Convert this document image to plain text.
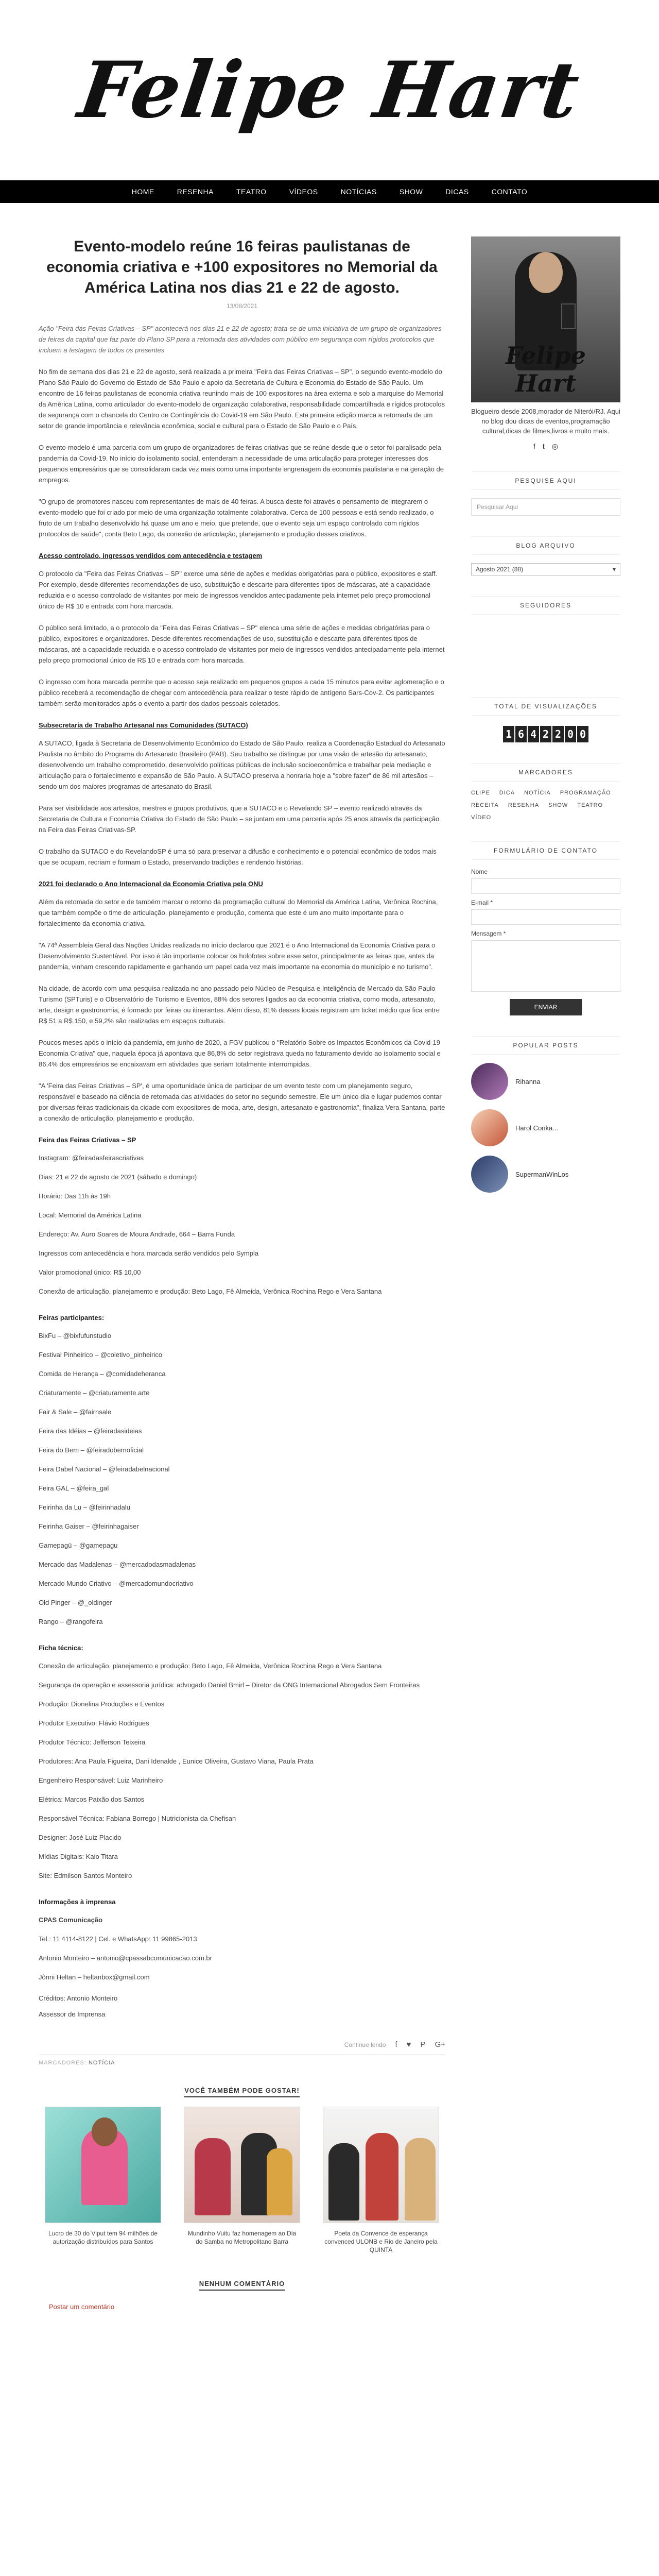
Felipe Hart
HOME	RESENHA	TEATRO	VÍDEOS	NOTÍCIAS	SHOW	DICAS	CONTATO
Evento-modelo reúne 16 feiras paulistanas de economia criativa e +100 expositores no Memorial da América Latina nos dias 21 e 22 de agosto.
13/08/2021

Ação "Feira das Feiras Criativas – SP" acontecerá nos dias 21 e 22 de agosto; trata-se de uma iniciativa de um grupo de organizadores de feiras da capital que faz parte do Plano SP para a retomada das atividades com público em segurança com rígidos protocolos que incluem a testagem de todos os presentes

No fim de semana dos dias 21 e 22 de agosto, será realizada a primeira "Feira das Feiras Criativas – SP", o segundo evento-modelo do Plano São Paulo do Governo do Estado de São Paulo e apoio da Secretaria de Cultura e Economia do Estado de São Paulo. Um encontro de 16 feiras paulistanas de economia criativa reunindo mais de 100 expositores na área externa e sob a marquise do Memorial da América Latina, como articulador do evento-modelo de organização colaborativa, responsabilidade compartilhada e rígidos protocolos de segurança com o chancela do Centro de Contingência do Covid-19 em São Paulo. Esta primeira edição marca a retomada de um setor de grande importância e relevância econômica, social e cultural para o Estado de São Paulo e o País.

O evento-modelo é uma parceria com um grupo de organizadores de feiras criativas que se reúne desde que o setor foi paralisado pela pandemia da Covid-19. No início do isolamento social, entenderam a necessidade de uma articulação para proteger interesses dos pequenos empresários que se consolidaram cada vez mais como uma importante engrenagem da economia paulistana e na geração de empregos.

"O grupo de promotores nasceu com representantes de mais de 40 feiras. A busca deste foi através o pensamento de integrarem o evento-modelo que foi criado por meio de uma organização totalmente colaborativa. Cerca de 100 pessoas e está sendo realizado, o fruto de um trabalho desenvolvido há quase um ano e meio, que pretende, que o evento seja um espaço controlado com rígidos protocolos de saúde", conta Beto Lago, da conexão de articulação, planejamento e produção desses criativos.

Acesso controlado, ingressos vendidos com antecedência e testagem

O protocolo da "Feira das Feiras Criativas – SP" exerce uma série de ações e medidas obrigatórias para o público, expositores e staff. Por exemplo, desde diferentes recomendações de uso, substituição e descarte para diferentes tipos de máscaras, até a capacidade reduzida e o acesso controlado de visitantes por meio de ingressos vendidos antecipadamente pela internet pelo preço promocional único de R$ 10 e entrada com hora marcada.

O público será limitado, a o protocolo da "Feira das Feiras Criativas – SP" elenca uma série de ações e medidas obrigatórias para o público, expositores e organizadores. Desde diferentes recomendações de uso, substituição e descarte para diferentes tipos de máscaras, até a capacidade reduzida e o acesso controlado de visitantes por meio de ingressos vendidos antecipadamente pela internet pelo preço promocional único de R$ 10 e entrada com hora marcada.

O ingresso com hora marcada permite que o acesso seja realizado em pequenos grupos a cada 15 minutos para evitar aglomeração e o público receberá a recomendação de chegar com antecedência para realizar o teste rápido de antígeno Sars-Cov-2. Os participantes também serão monitorados após o evento a partir dos dados pessoais coletados.

Subsecretaria de Trabalho Artesanal nas Comunidades (SUTACO)

A SUTACO, ligada à Secretaria de Desenvolvimento Econômico do Estado de São Paulo, realiza a Coordenação Estadual do Artesanato Paulista no âmbito do Programa do Artesanato Brasileiro (PAB). Seu trabalho se distingue por uma visão de artesão do artesanato, desenvolvendo um trabalho comprometido, desenvolvido políticas públicas de inclusão socioeconômica e trabalhar pela mediação e articulação para o fortalecimento e expansão de São Paulo. A SUTACO preserva a honraria hoje a "sobre fazer" de 86 mil artesãos – sendo um dos maiores programas de artesanato do Brasil.

Para ser visibilidade aos artesãos, mestres e grupos produtivos, que a SUTACO e o Revelando SP – evento realizado através da Secretaria de Cultura e Economia Criativa do Estado de São Paulo – se juntam em uma parceria após 25 anos através da participação na Feira das Feiras Criativas-SP.

O trabalho da SUTACO e do RevelandoSP é uma só para preservar a difusão e conhecimento e o potencial econômico de todos mais que se ocupam, recriam e formam o Estado, preservando tradições e rendendo histórias.

2021 foi declarado o Ano Internacional da Economia Criativa pela ONU

Além da retomada do setor e de também marcar o retorno da programação cultural do Memorial da América Latina, Verônica Rochina, que também compõe o time de articulação, planejamento e produção, comenta que este é um ano muito importante para o fortalecimento da economia criativa.

"A 74ª Assembleia Geral das Nações Unidas realizada no início declarou que 2021 é o Ano Internacional da Economia Criativa para o Desenvolvimento Sustentável. Por isso é tão importante colocar os holofotes sobre esse setor, principalmente as feiras que, antes da pandemia, vinham crescendo rapidamente e ganhando um papel cada vez mais importante na economia do município e no turismo".

Na cidade, de acordo com uma pesquisa realizada no ano passado pelo Núcleo de Pesquisa e Inteligência de Mercado da São Paulo Turismo (SPTuris) e o Observatório de Turismo e Eventos, 88% dos setores ligados ao da economia criativa, como moda, artesanato, arte, design e gastronomia, é formado por feiras ou itinerantes. Além disso, 81% desses locais registram um ticket médio que fica entre R$ 51 a R$ 150, e 59,2% são realizadas em espaços culturais.

Poucos meses após o início da pandemia, em junho de 2020, a FGV publicou o "Relatório Sobre os Impactos Econômicos da Covid-19 Economia Criativa" que, naquela época já apontava que 86,8% do setor registrava queda no faturamento devido ao isolamento social e 86,4% dos empresários se encaixavam em atividades que seriam totalmente interrompidas.

"A 'Feira das Feiras Criativas – SP', é uma oportunidade única de participar de um evento teste com um planejamento seguro, responsável e baseado na ciência de retomada das atividades do setor no segundo semestre. Ele um único dia e lugar pudemos contar por diversas feiras tradicionais da cidade com expositores de moda, arte, design, artesanato e gastronomia", finaliza Vera Santana, parte a conexão de articulação, planejamento e produção.

Feira das Feiras Criativas – SP

Instagram: @feiradasfeirascriativas

Dias: 21 e 22 de agosto de 2021 (sábado e domingo)

Horário: Das 11h às 19h

Local: Memorial da América Latina

Endereço: Av. Auro Soares de Moura Andrade, 664 – Barra Funda

Ingressos com antecedência e hora marcada serão vendidos pelo Sympla

Valor promocional único: R$ 10,00

Conexão de articulação, planejamento e produção: Beto Lago, Fê Almeida, Verônica Rochina Rego e Vera Santana

Feiras participantes:

BixFu – @bixfufunstudio

Festival Pinheirico – @coletivo_pinheirico

Comida de Herança – @comidadeheranca

Criaturamente – @criaturamente.arte

Fair & Sale – @fairnsale

Feira das Idéias – @feiradasideias

Feira do Bem – @feiradobemoficial

Feira Dabel Nacional – @feiradabelnacional

Feira GAL – @feira_gal

Feirinha da Lu – @feirinhadalu

Feirinha Gaiser – @feirinhagaiser

Gamepagü – @gamepagu

Mercado das Madalenas – @mercadodasmadalenas

Mercado Mundo Criativo – @mercadomundocriativo

Old Pinger – @_oldinger

Rango – @rangofeira

Ficha técnica:

Conexão de articulação, planejamento e produção: Beto Lago, Fê Almeida, Verônica Rochina Rego e Vera Santana

Segurança da operação e assessoria jurídica: advogado Daniel Bmirl – Diretor da ONG Internacional Abrogados Sem Fronteiras

Produção: Dionelina Produções e Eventos

Produtor Executivo: Flávio Rodrigues

Produtor Técnico: Jefferson Teixeira

Produtores: Ana Paula Figueira, Dani Idenalde , Eunice Oliveira, Gustavo Viana, Paula Prata

Engenheiro Responsável: Luiz Marinheiro

Elétrica: Marcos Paixão dos Santos

Responsável Técnica: Fabiana Borrego | Nutricionista da Chefisan

Designer: José Luiz Placido

Mídias Digitais: Kaio Titara

Site: Edmilson Santos Monteiro

Informações à imprensa

CPAS Comunicação

Tel.: 11 4114-8122 | Cel. e WhatsApp: 11 99865-2013

Antonio Monteiro – antonio@cpassabcomunicacao.com.br

Jônni Heltan – heltanbox@gmail.com

Créditos: Antonio Monteiro

Assessor de Imprensa

Continue lendo f ♥ P G+
MARCADORES: NOTÍCIA
VOCÊ TAMBÉM PODE GOSTAR!
Lucro de 30 do Viput tem 94 milhões de autorização distribuídos para Santos
Mundinho Vuitu faz homenagem ao Dia do Samba no Metropolitano Barra
Poeta da Convence de esperança convenced ULONB e Rio de Janeiro pela QUINTA
NENHUM COMENTÁRIO
Postar um comentário
Felipe Hart
Blogueiro desde 2008,morador de Niterói/RJ. Aqui no blog dou dicas de eventos,programação cultural,dicas de filmes,livros e muito mais.
f t ◎
PESQUISE AQUI
Pesquisar Aqui
BLOG ARQUIVO
Agosto 2021 (88)	▾
SEGUIDORES
TOTAL DE VISUALIZAÇÕES
1 6 4 2 2 0 0
MARCADORES
CLIPE DICA NOTÍCIA PROGRAMAÇÃO
RECEITA RESENHA SHOW TEATRO
VÍDEO
FORMULÁRIO DE CONTATO
Nome
E-mail *
Mensagem *
ENVIAR
POPULAR POSTS
Rihanna
Harol Conka...
SupermanWinLos
